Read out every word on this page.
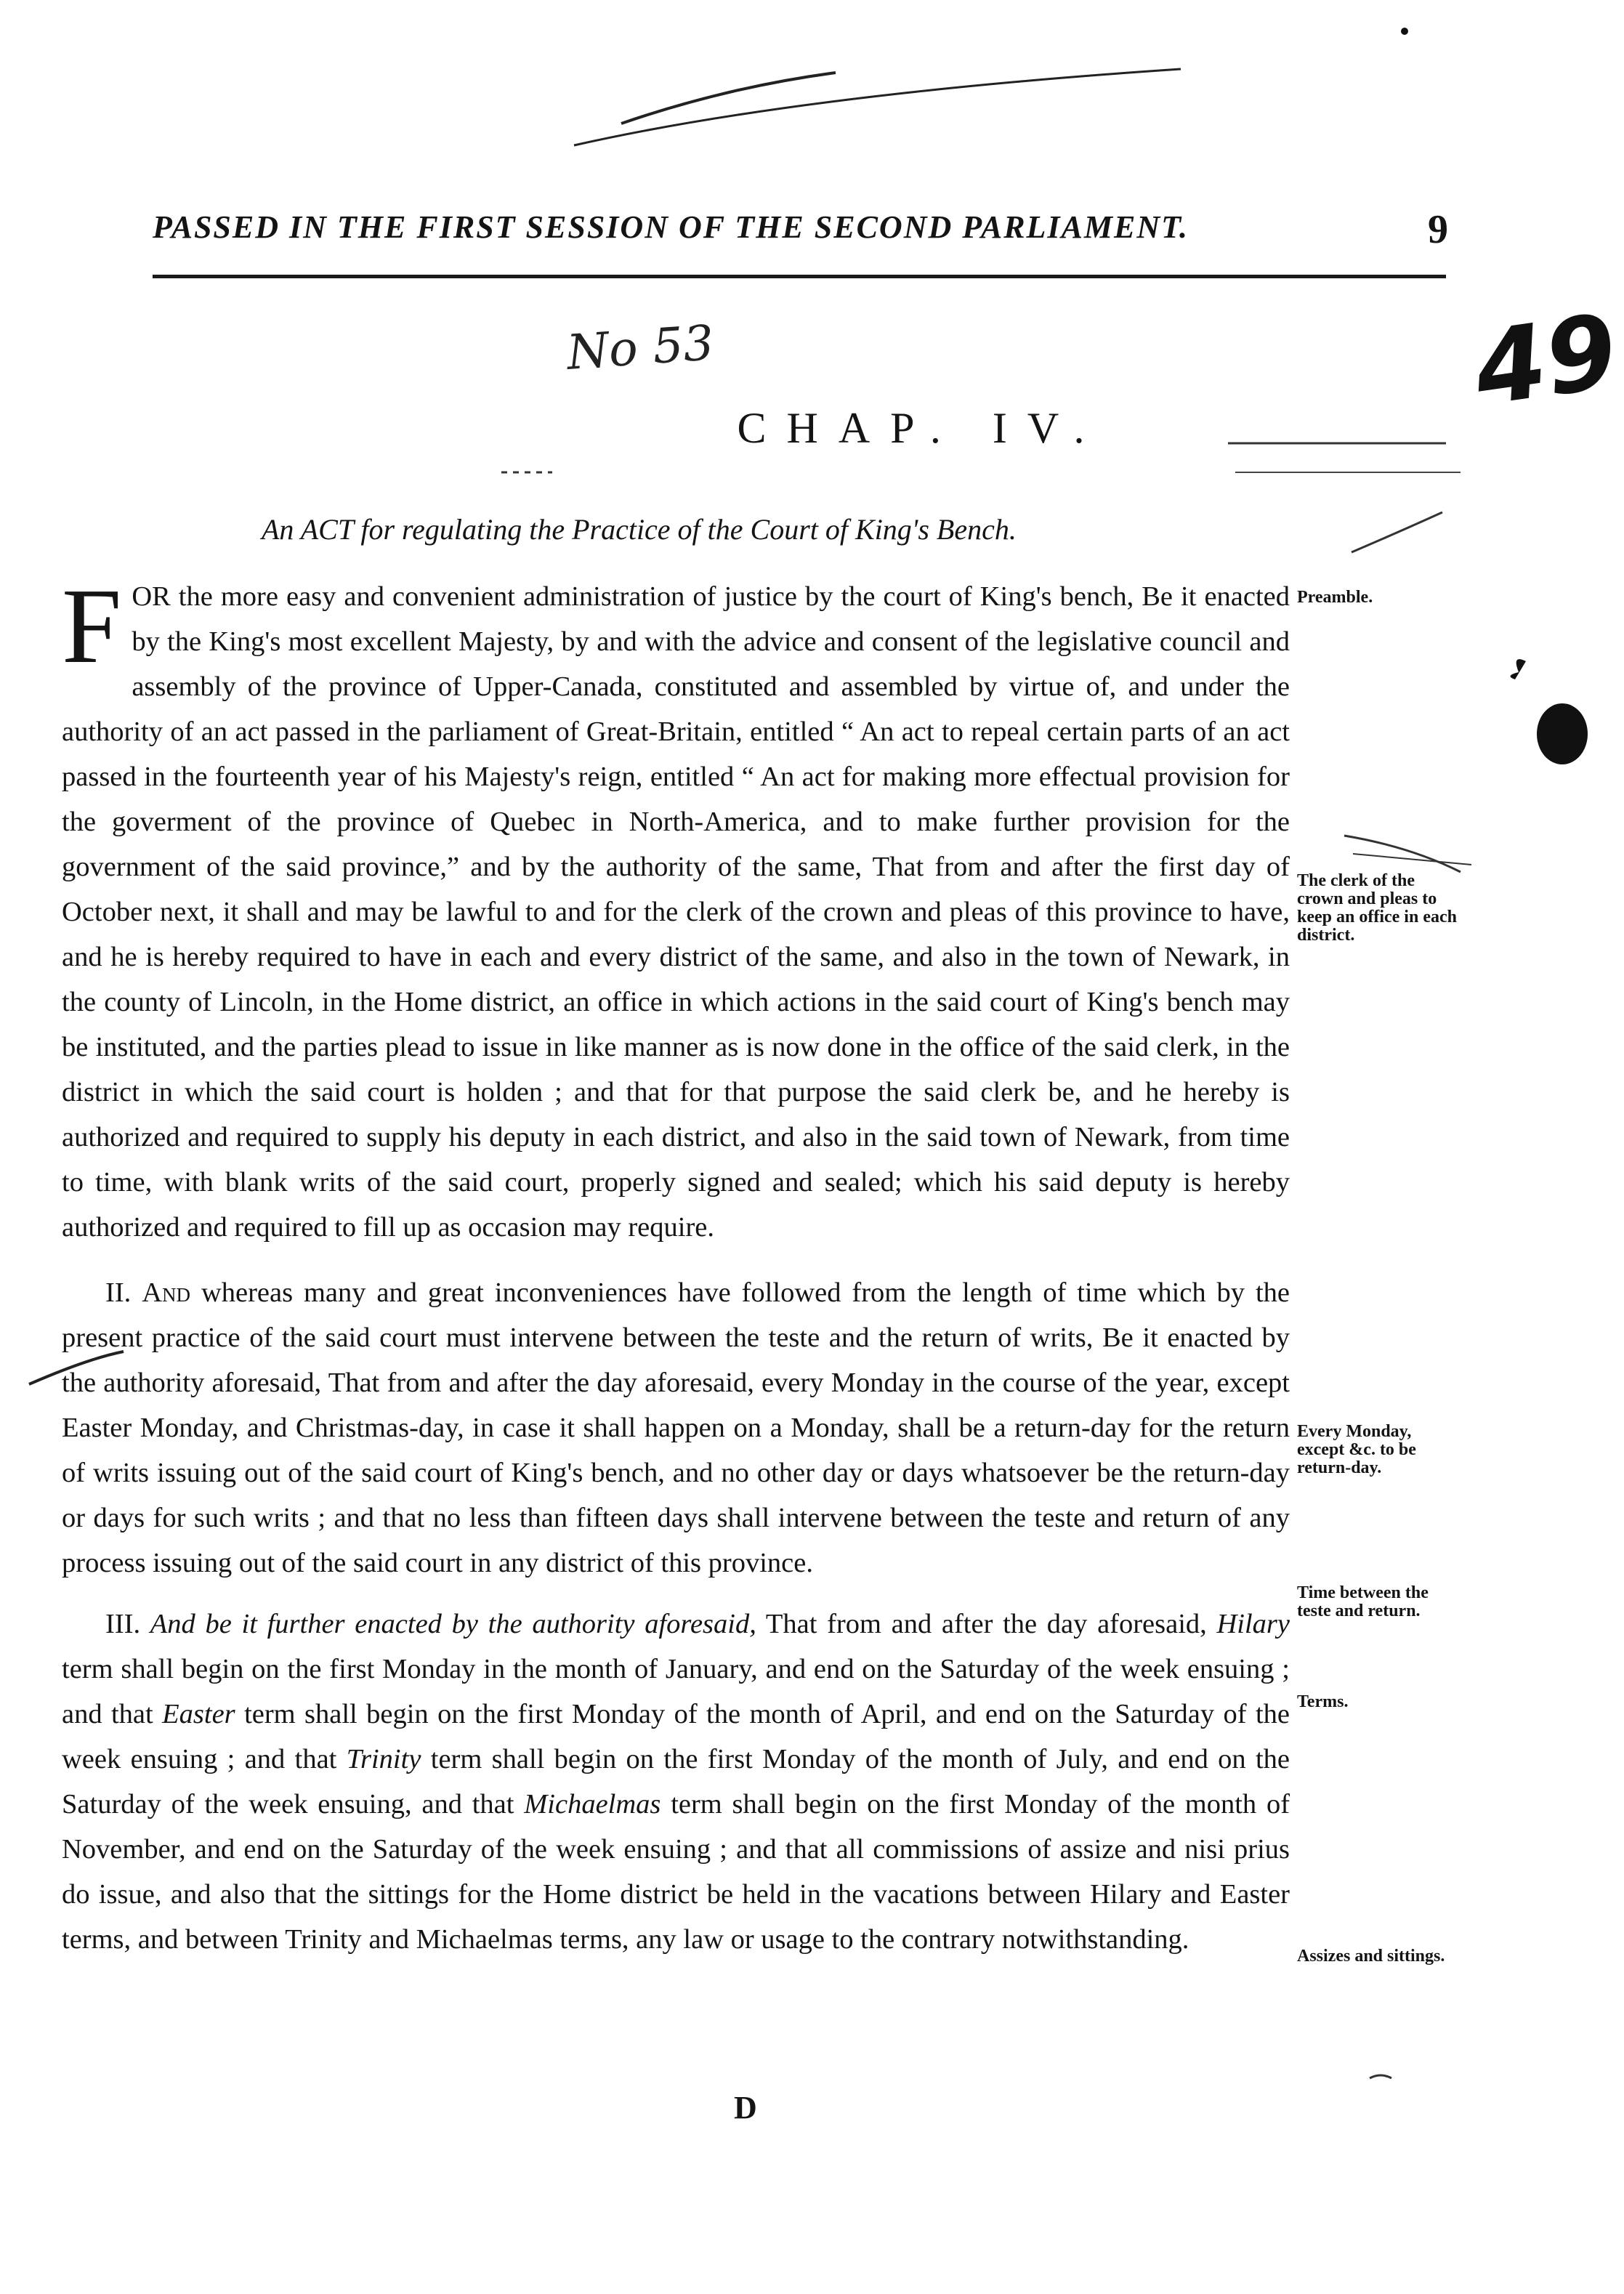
PASSED IN THE FIRST SESSION OF THE SECOND PARLIAMENT.	9
No 53	49
CHAP. IV.
An ACT for regulating the Practice of the Court of King's Bench.

F OR the more easy and convenient administration of justice by the court of King's bench, Be it enacted by the King's most excellent Majesty, by and with the advice and consent of the legislative council and assembly of the province of Upper-Canada, constituted and assembled by virtue of, and under the authority of an act passed in the parliament of Great-Britain, entitled “ An act to repeal certain parts of an act passed in the fourteenth year of his Majesty's reign, entitled “ An act for making more effectual provision for the goverment of the province of Quebec in North-America, and to make further provision for the government of the said province,” and by the authority of the same, That from and after the first day of October next, it shall and may be lawful to and for the clerk of the crown and pleas of this province to have, and he is hereby required to have in each and every district of the same, and also in the town of Newark, in the county of Lincoln, in the Home district, an office in which actions in the said court of King's bench may be instituted, and the parties plead to issue in like manner as is now done in the office of the said clerk, in the district in which the said court is holden ; and that for that purpose the said clerk be, and he hereby is authorized and required to supply his deputy in each district, and also in the said town of Newark, from time to time, with blank writs of the said court, properly signed and sealed; which his said deputy is hereby authorized and required to fill up as occasion may require.

II. And whereas many and great inconveniences have followed from the length of time which by the present practice of the said court must intervene between the teste and the return of writs, Be it enacted by the authority aforesaid, That from and after the day aforesaid, every Monday in the course of the year, except Easter Monday, and Christmas-day, in case it shall happen on a Monday, shall be a return-day for the return of writs issuing out of the said court of King's bench, and no other day or days whatsoever be the return-day or days for such writs ; and that no less than fifteen days shall intervene between the teste and return of any process issuing out of the said court in any district of this province.

III. And be it further enacted by the authority aforesaid, That from and after the day aforesaid, Hilary term shall begin on the first Monday in the month of January, and end on the Saturday of the week ensuing ; and that Easter term shall begin on the first Monday of the month of April, and end on the Saturday of the week ensuing ; and that Trinity term shall begin on the first Monday of the month of July, and end on the Saturday of the week ensuing, and that Michaelmas term shall begin on the first Monday of the month of November, and end on the Saturday of the week ensuing ; and that all commissions of assize and nisi prius do issue, and also that the sittings for the Home district be held in the vacations between Hilary and Easter terms, and between Trinity and Michaelmas terms, any law or usage to the contrary notwithstanding.

Preamble.
The clerk of the crown and pleas to keep an office in each district.
Every Monday, except &c. to be return-day.
Time between the teste and return.
Terms.
Assizes and sittings.
D
